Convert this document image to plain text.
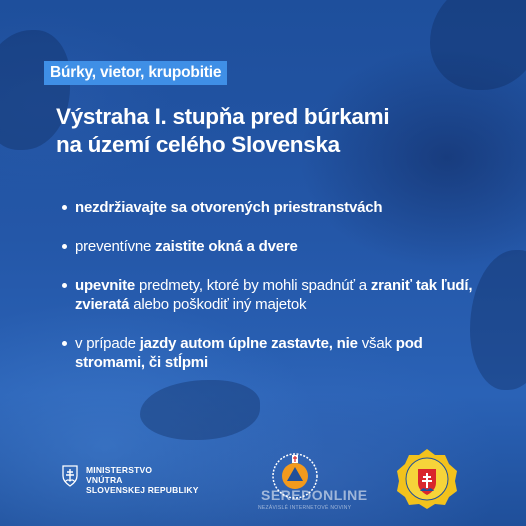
Búrky, vietor, krupobitie
Výstraha I. stupňa pred búrkami
na území celého Slovenska
nezdržiavajte sa otvorených priestranstvách
preventívne zaistite okná a dvere
upevnite predmety, ktoré by mohli spadnúť a zraniť tak ľudí, zvieratá alebo poškodiť iný majetok
v prípade jazdy autom úplne zastavte, nie však pod stromami, či stĺpmi
MINISTERSTVO
VNÚTRA
SLOVENSKEJ REPUBLIKY	SEREDONLINE
NEZÁVISLÉ INTERNETOVÉ NOVINY
